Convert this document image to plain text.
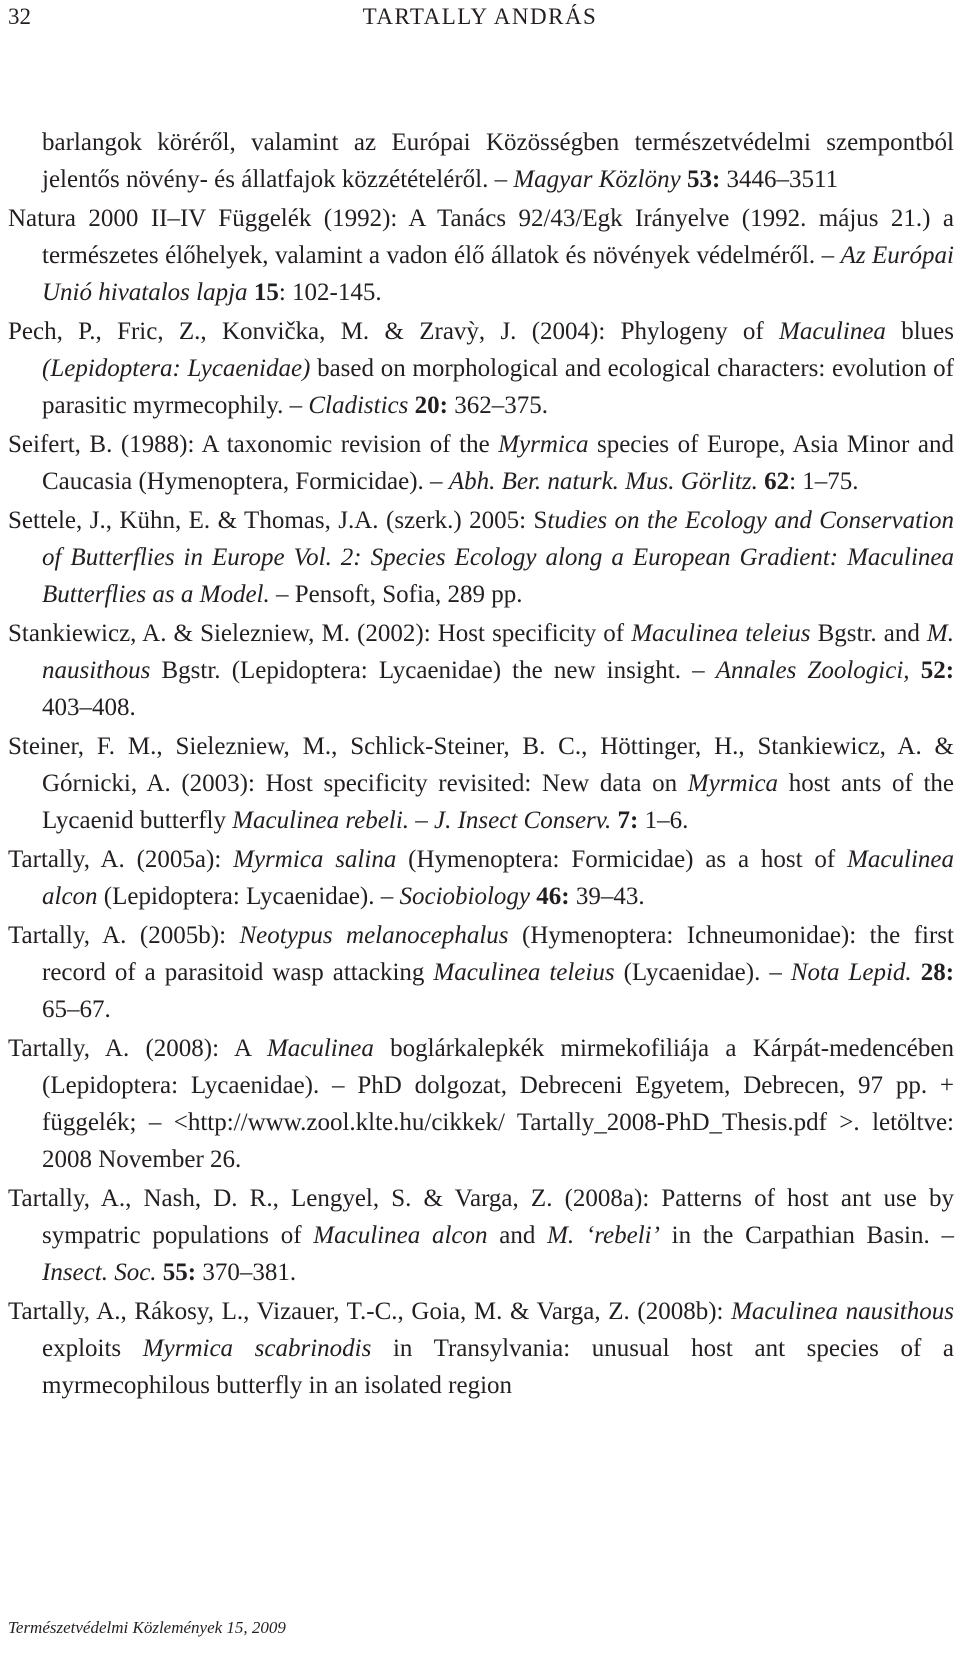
32	TARTALLY ANDRÁS

barlangok köréről, valamint az Európai Közösségben természetvédelmi szempontból jelentős növény- és állatfajok közzétételéről. – Magyar Közlöny 53: 3446–3511

Natura 2000 II–IV Függelék (1992): A Tanács 92/43/Egk Irányelve (1992. május 21.) a természetes élőhelyek, valamint a vadon élő állatok és növények védelméről. – Az Európai Unió hivatalos lapja 15: 102-145.

Pech, P., Fric, Z., Konvička, M. & Zravỳ, J. (2004): Phylogeny of Maculinea blues (Lepidoptera: Lycaenidae) based on morphological and ecological characters: evolution of parasitic myrmecophily. – Cladistics 20: 362–375.

Seifert, B. (1988): A taxonomic revision of the Myrmica species of Europe, Asia Minor and Caucasia (Hymenoptera, Formicidae). – Abh. Ber. naturk. Mus. Görlitz. 62: 1–75.

Settele, J., Kühn, E. & Thomas, J.A. (szerk.) 2005: Studies on the Ecology and Conservation of Butterflies in Europe Vol. 2: Species Ecology along a European Gradient: Maculinea Butterflies as a Model. – Pensoft, Sofia, 289 pp.

Stankiewicz, A. & Sielezniew, M. (2002): Host specificity of Maculinea teleius Bgstr. and M. nausithous Bgstr. (Lepidoptera: Lycaenidae) the new insight. – Annales Zoologici, 52: 403–408.

Steiner, F. M., Sielezniew, M., Schlick-Steiner, B. C., Höttinger, H., Stankiewicz, A. & Górnicki, A. (2003): Host specificity revisited: New data on Myrmica host ants of the Lycaenid butterfly Maculinea rebeli. – J. Insect Conserv. 7: 1–6.

Tartally, A. (2005a): Myrmica salina (Hymenoptera: Formicidae) as a host of Maculinea alcon (Lepidoptera: Lycaenidae). – Sociobiology 46: 39–43.

Tartally, A. (2005b): Neotypus melanocephalus (Hymenoptera: Ichneumonidae): the first record of a parasitoid wasp attacking Maculinea teleius (Lycaenidae). – Nota Lepid. 28: 65–67.

Tartally, A. (2008): A Maculinea boglárkalepkék mirmekofiliája a Kárpát-medencében (Lepidoptera: Lycaenidae). – PhD dolgozat, Debreceni Egyetem, Debrecen, 97 pp. + függelék; – <http://www.zool.klte.hu/cikkek/ Tartally_2008-PhD_Thesis.pdf >. letöltve: 2008 November 26.

Tartally, A., Nash, D. R., Lengyel, S. & Varga, Z. (2008a): Patterns of host ant use by sympatric populations of Maculinea alcon and M. ‘rebeli’ in the Carpathian Basin. – Insect. Soc. 55: 370–381.

Tartally, A., Rákosy, L., Vizauer, T.-C., Goia, M. & Varga, Z. (2008b): Maculinea nausithous exploits Myrmica scabrinodis in Transylvania: unusual host ant species of a myrmecophilous butterfly in an isolated region

Természetvédelmi Közlemények 15, 2009
